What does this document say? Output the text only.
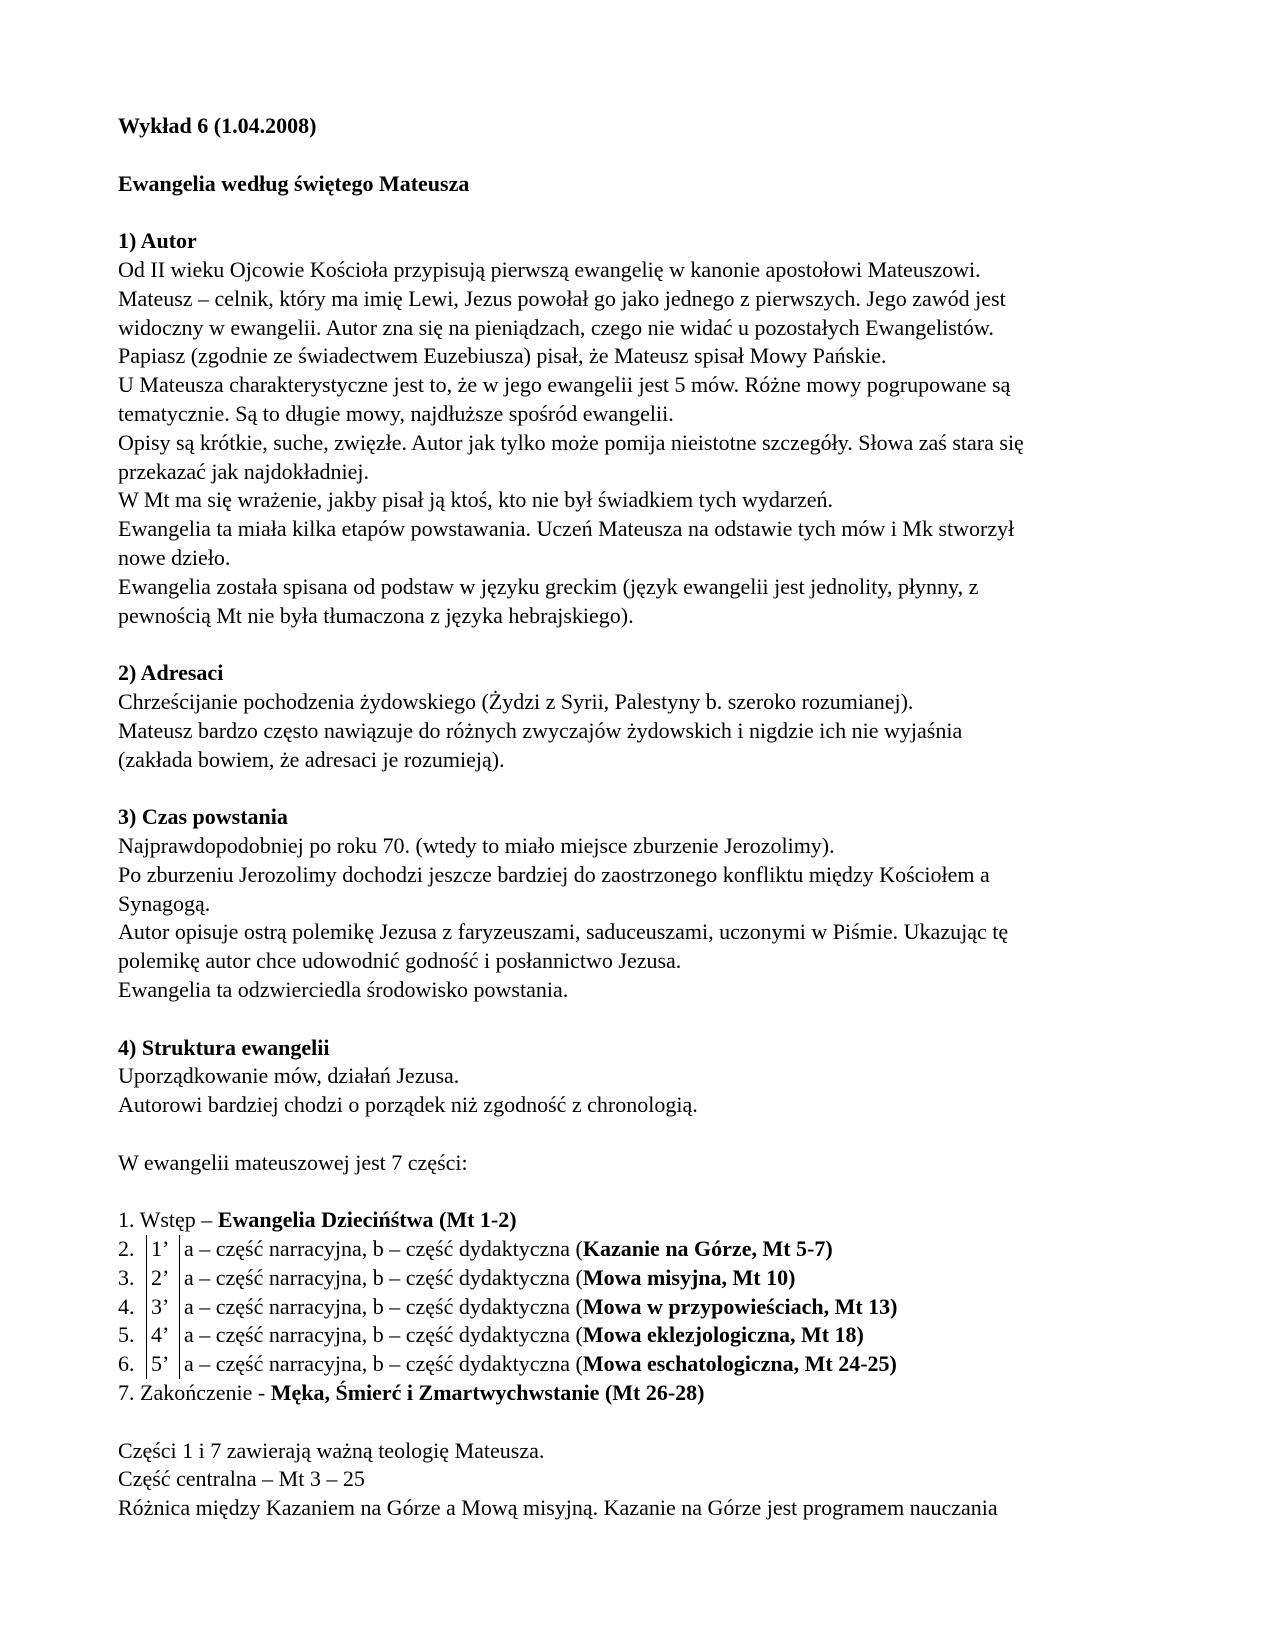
Wykład 6 (1.04.2008)
Ewangelia według świętego Mateusza
1) Autor
Od II wieku Ojcowie Kościoła przypisują pierwszą ewangelię w kanonie apostołowi Mateuszowi.
Mateusz – celnik, który ma imię Lewi, Jezus powołał go jako jednego z pierwszych. Jego zawód jest
widoczny w ewangelii. Autor zna się na pieniądzach, czego nie widać u pozostałych Ewangelistów.
Papiasz (zgodnie ze świadectwem Euzebiusza) pisał, że Mateusz spisał Mowy Pańskie.
U Mateusza charakterystyczne jest to, że w jego ewangelii jest 5 mów. Różne mowy pogrupowane są
tematycznie. Są to długie mowy, najdłuższe spośród ewangelii.
Opisy są krótkie, suche, zwięzłe. Autor jak tylko może pomija nieistotne szczegóły. Słowa zaś stara się
przekazać jak najdokładniej.
W Mt ma się wrażenie, jakby pisał ją ktoś, kto nie był świadkiem tych wydarzeń.
Ewangelia ta miała kilka etapów powstawania. Uczeń Mateusza na odstawie tych mów i Mk stworzył
nowe dzieło.
Ewangelia została spisana od podstaw w języku greckim (język ewangelii jest jednolity, płynny, z
pewnością Mt nie była tłumaczona z języka hebrajskiego).
2) Adresaci
Chrześcijanie pochodzenia żydowskiego (Żydzi z Syrii, Palestyny b. szeroko rozumianej).
Mateusz bardzo często nawiązuje do różnych zwyczajów żydowskich i nigdzie ich nie wyjaśnia
(zakłada bowiem, że adresaci je rozumieją).
3) Czas powstania
Najprawdopodobniej po roku 70. (wtedy to miało miejsce zburzenie Jerozolimy).
Po zburzeniu Jerozolimy dochodzi jeszcze bardziej do zaostrzonego konfliktu między Kościołem a
Synagogą.
Autor opisuje ostrą polemikę Jezusa z faryzeuszami, saduceuszami, uczonymi w Piśmie. Ukazując tę
polemikę autor chce udowodnić godność i posłannictwo Jezusa.
Ewangelia ta odzwierciedla środowisko powstania.
4) Struktura ewangelii
Uporządkowanie mów, działań Jezusa.
Autorowi bardziej chodzi o porządek niż zgodność z chronologią.
W ewangelii mateuszowej jest 7 części:
1. Wstęp – Ewangelia Dziecińśtwa (Mt 1-2)
2. 1’ a – część narracyjna, b – część dydaktyczna (Kazanie na Górze, Mt 5-7)
3. 2’ a – część narracyjna, b – część dydaktyczna (Mowa misyjna, Mt 10)
4. 3’ a – część narracyjna, b – część dydaktyczna (Mowa w przypowieściach, Mt 13)
5. 4’ a – część narracyjna, b – część dydaktyczna (Mowa eklezjologiczna, Mt 18)
6. 5’ a – część narracyjna, b – część dydaktyczna (Mowa eschatologiczna, Mt 24-25)
7. Zakończenie - Męka, Śmierć i Zmartwychwstanie (Mt 26-28)
Części 1 i 7 zawierają ważną teologię Mateusza.
Część centralna – Mt 3 – 25
Różnica między Kazaniem na Górze a Mową misyjną. Kazanie na Górze jest programem nauczania
